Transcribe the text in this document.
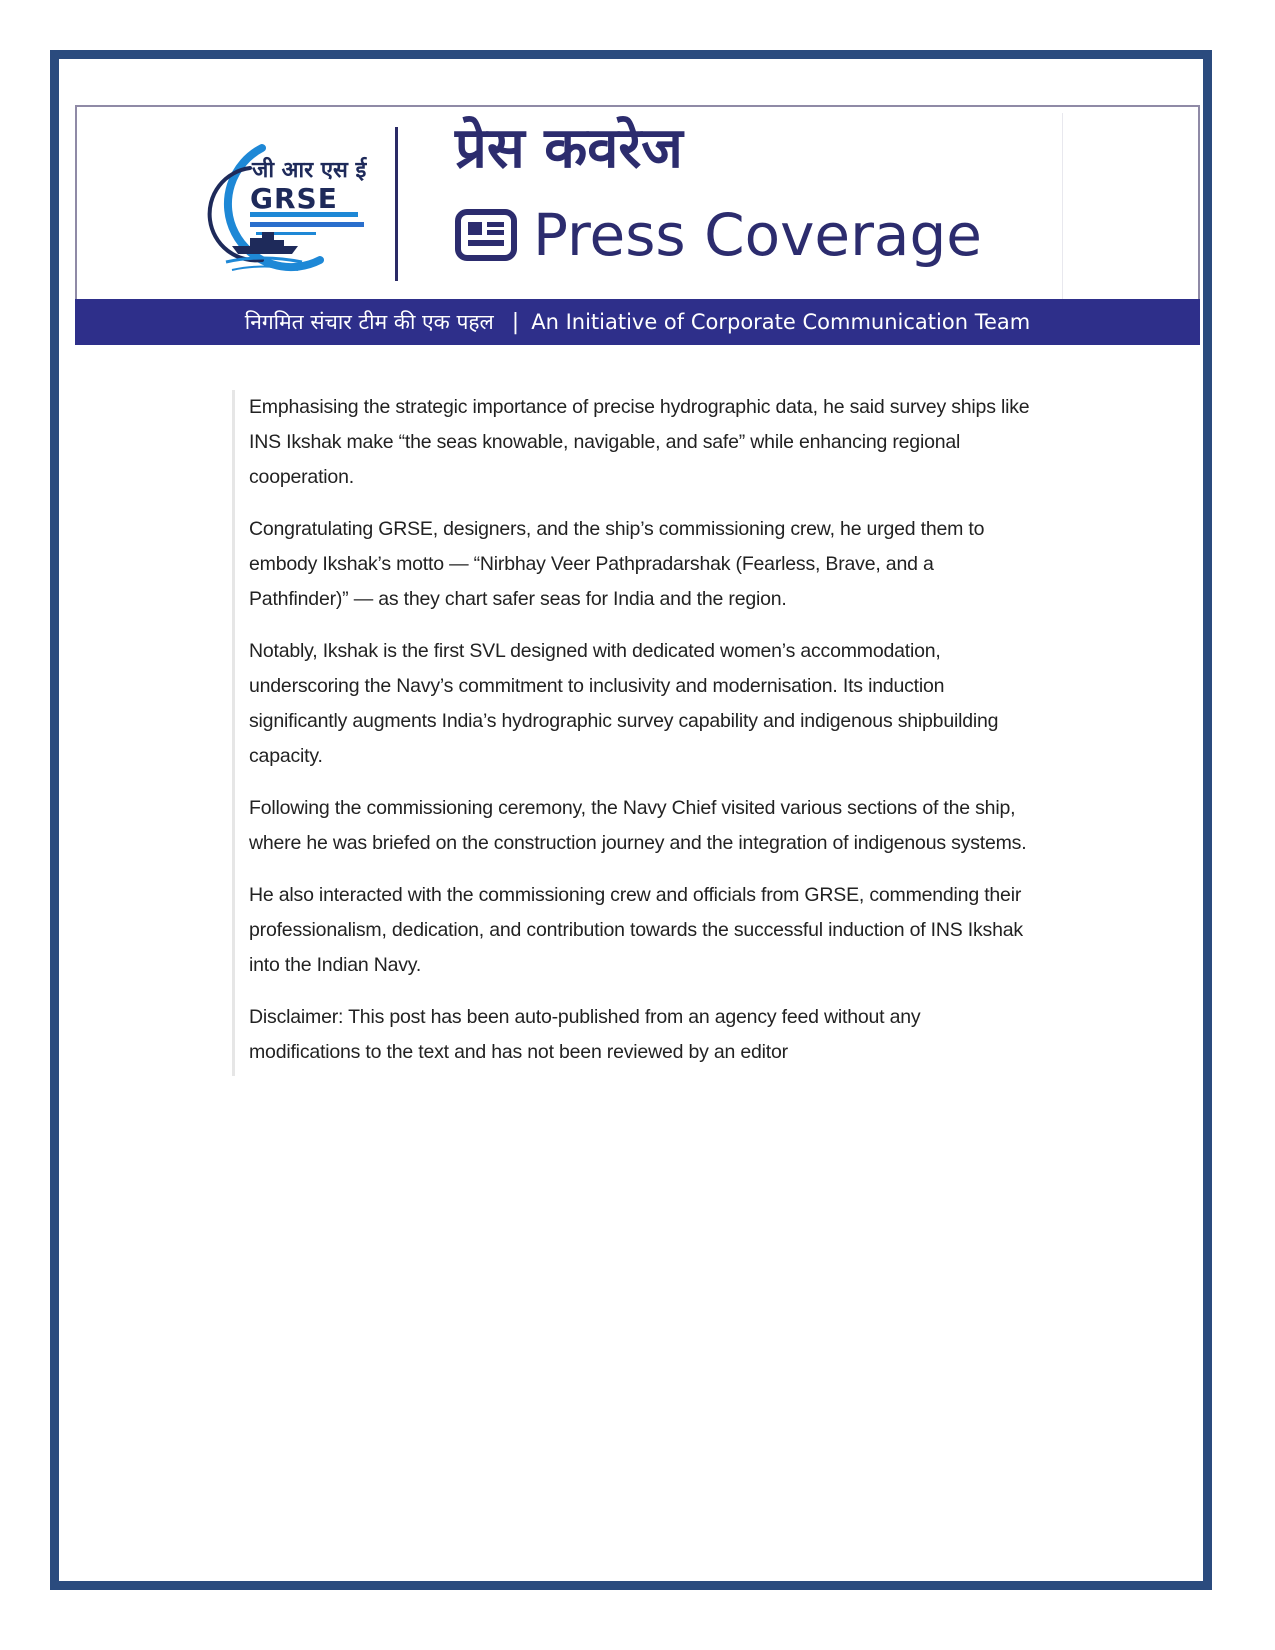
जी आर एस ई
GRSE
प्रेस कवरेज
Press Coverage
निगमित संचार टीम की एक पहल | An Initiative of Corporate Communication Team

Emphasising the strategic importance of precise hydrographic data, he said survey ships like INS Ikshak make “the seas knowable, navigable, and safe” while enhancing regional cooperation.

Congratulating GRSE, designers, and the ship’s commissioning crew, he urged them to embody Ikshak’s motto — “Nirbhay Veer Pathpradarshak (Fearless, Brave, and a Pathfinder)” — as they chart safer seas for India and the region.

Notably, Ikshak is the first SVL designed with dedicated women’s accommodation, underscoring the Navy’s commitment to inclusivity and modernisation. Its induction significantly augments India’s hydrographic survey capability and indigenous shipbuilding capacity.

Following the commissioning ceremony, the Navy Chief visited various sections of the ship, where he was briefed on the construction journey and the integration of indigenous systems.

He also interacted with the commissioning crew and officials from GRSE, commending their professionalism, dedication, and contribution towards the successful induction of INS Ikshak into the Indian Navy.

Disclaimer: This post has been auto-published from an agency feed without any modifications to the text and has not been reviewed by an editor
